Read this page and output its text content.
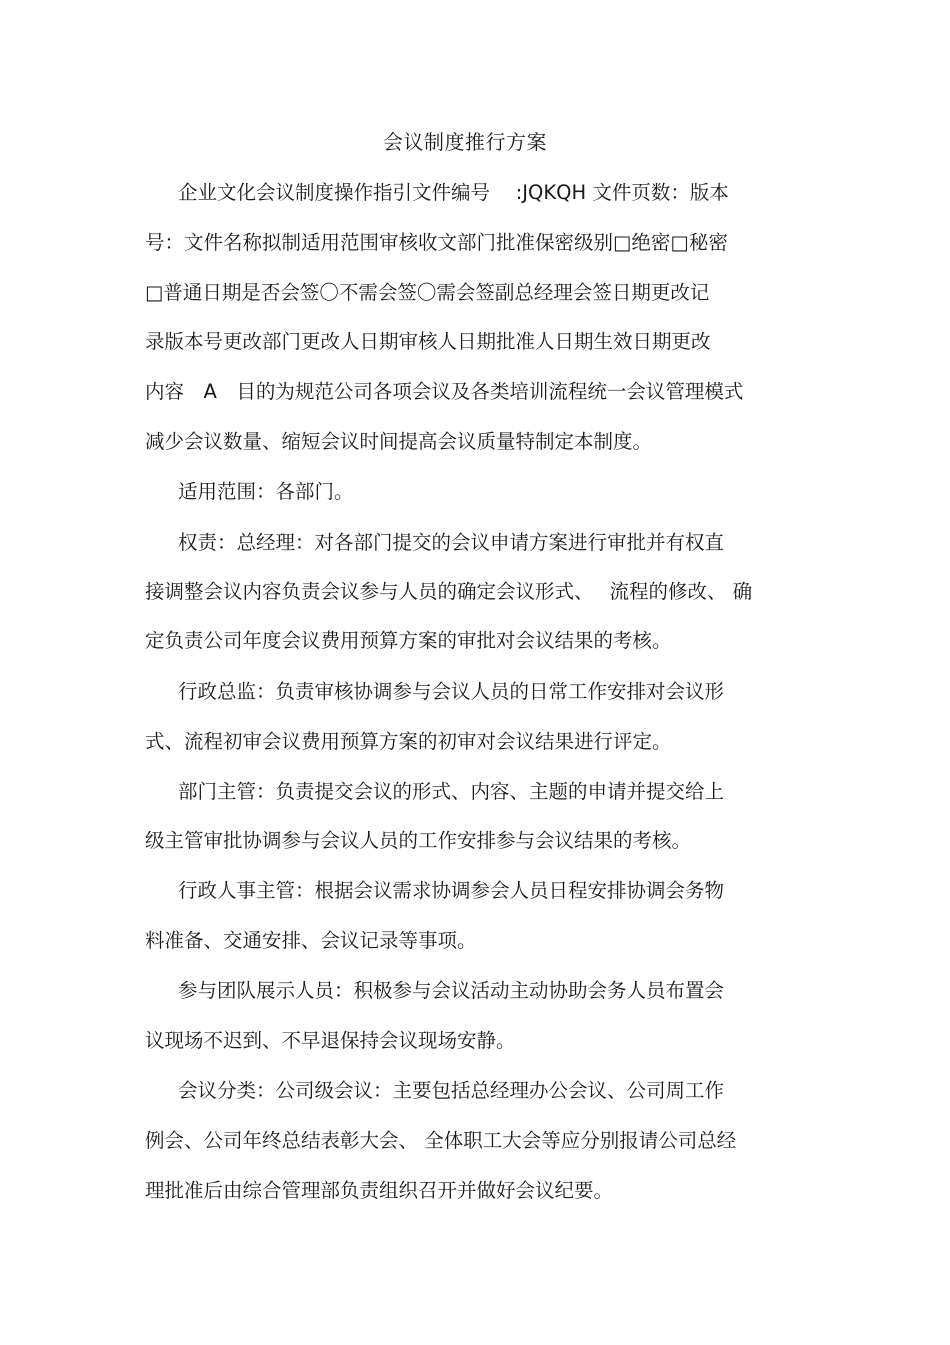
会议制度推行方案
企业文化会议制度操作指引文件编号　 :JQKQH 文件页数：版本
号：文件名称拟制适用范围审核收文部门批准保密级别□绝密□秘密
□普通日期是否会签〇不需会签〇需会签副总经理会签日期更改记
录版本号更改部门更改人日期审核人日期批准人日期生效日期更改
内容　A　目的为规范公司各项会议及各类培训流程统一会议管理模式
减少会议数量、缩短会议时间提高会议质量特制定本制度。
适用范围：各部门。
权责：总经理：对各部门提交的会议申请方案进行审批并有权直
接调整会议内容负责会议参与人员的确定会议形式、　 流程的修改、 确
定负责公司年度会议费用预算方案的审批对会议结果的考核。
行政总监：负责审核协调参与会议人员的日常工作安排对会议形
式、流程初审会议费用预算方案的初审对会议结果进行评定。
部门主管：负责提交会议的形式、内容、主题的申请并提交给上
级主管审批协调参与会议人员的工作安排参与会议结果的考核。
行政人事主管：根据会议需求协调参会人员日程安排协调会务物
料准备、交通安排、会议记录等事项。
参与团队展示人员：积极参与会议活动主动协助会务人员布置会
议现场不迟到、不早退保持会议现场安静。
会议分类：公司级会议：主要包括总经理办公会议、公司周工作
例会、公司年终总结表彰大会、 全体职工大会等应分别报请公司总经
理批准后由综合管理部负责组织召开并做好会议纪要。
